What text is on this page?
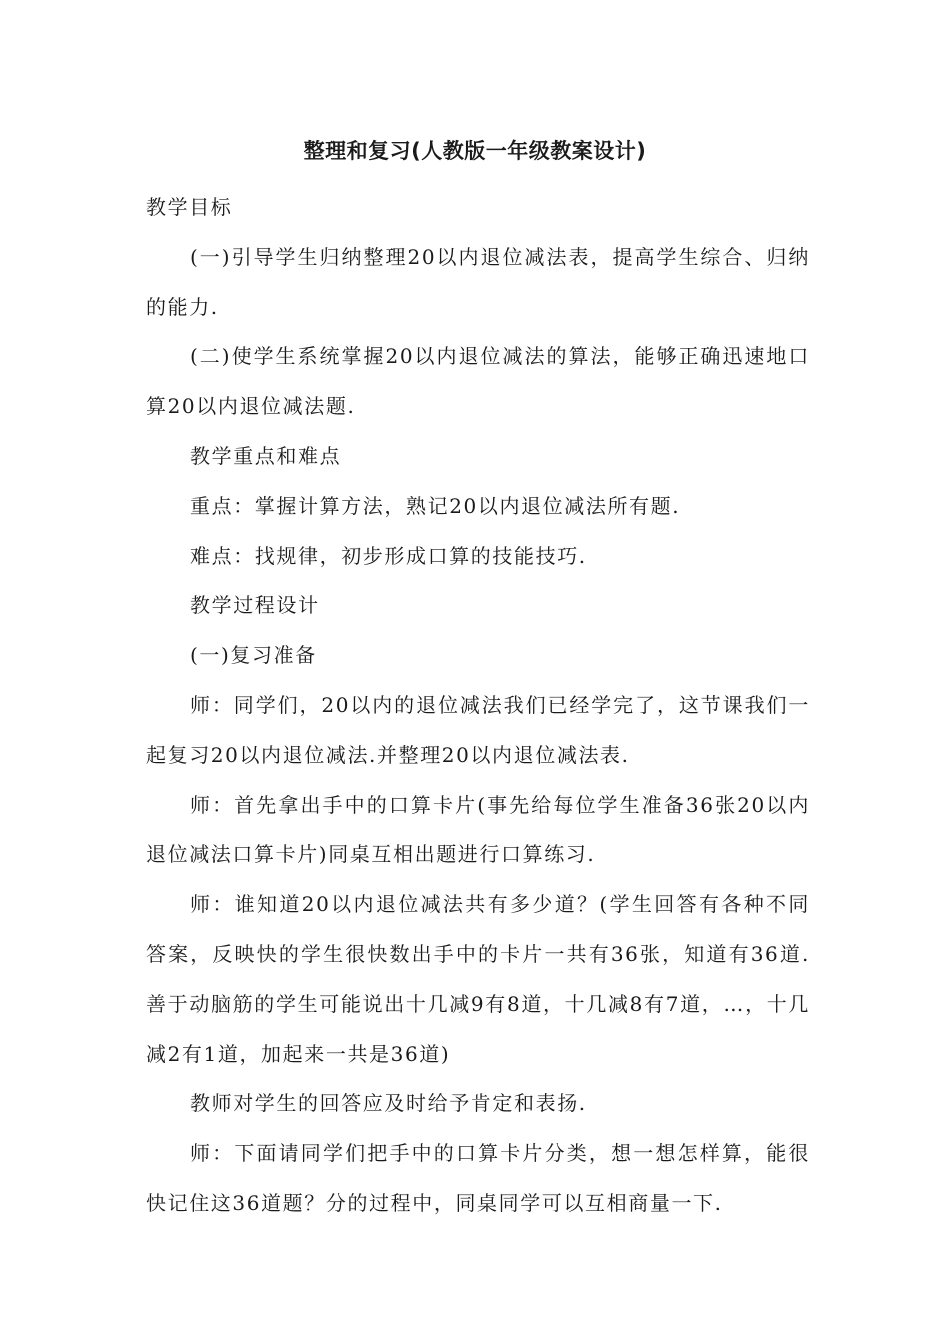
整理和复习(人教版一年级教案设计)

教学目标

(一)引导学生归纳整理20以内退位减法表，提高学生综合、归纳的能力.

(二)使学生系统掌握20以内退位减法的算法，能够正确迅速地口算20以内退位减法题.

教学重点和难点

重点：掌握计算方法，熟记20以内退位减法所有题.

难点：找规律，初步形成口算的技能技巧.

教学过程设计

(一)复习准备

师：同学们，20以内的退位减法我们已经学完了，这节课我们一起复习20以内退位减法.并整理20以内退位减法表.

师：首先拿出手中的口算卡片(事先给每位学生准备36张20以内退位减法口算卡片)同桌互相出题进行口算练习.

师：谁知道20以内退位减法共有多少道？(学生回答有各种不同答案，反映快的学生很快数出手中的卡片一共有36张，知道有36道.善于动脑筋的学生可能说出十几减9有8道，十几减8有7道，…，十几减2有1道，加起来一共是36道)

教师对学生的回答应及时给予肯定和表扬.

师：下面请同学们把手中的口算卡片分类，想一想怎样算，能很快记住这36道题？分的过程中，同桌同学可以互相商量一下.
